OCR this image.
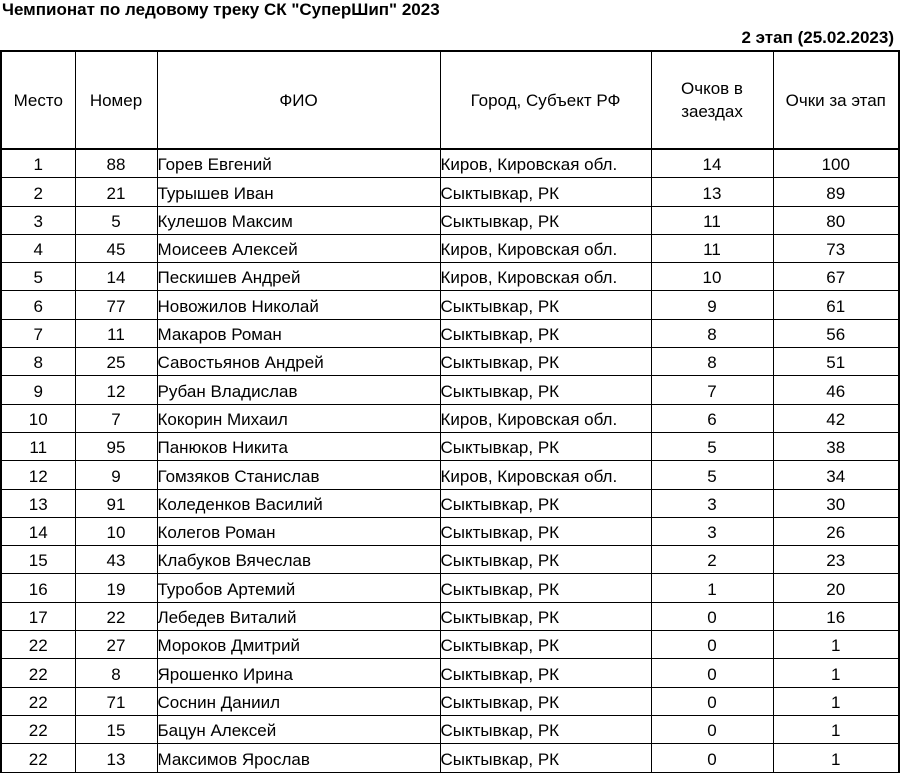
Чемпионат по ледовому треку СК "СуперШип" 2023
2 этап (25.02.2023)
Место	Номер	ФИО	Город, Субъект РФ	Очков в заездах	Очки за этап
1	88	Горев Евгений	Киров, Кировская обл.	14	100
2	21	Турышев Иван	Сыктывкар, РК	13	89
3	5	Кулешов Максим	Сыктывкар, РК	11	80
4	45	Моисеев Алексей	Киров, Кировская обл.	11	73
5	14	Пескишев Андрей	Киров, Кировская обл.	10	67
6	77	Новожилов Николай	Сыктывкар, РК	9	61
7	11	Макаров Роман	Сыктывкар, РК	8	56
8	25	Савостьянов Андрей	Сыктывкар, РК	8	51
9	12	Рубан Владислав	Сыктывкар, РК	7	46
10	7	Кокорин Михаил	Киров, Кировская обл.	6	42
11	95	Панюков Никита	Сыктывкар, РК	5	38
12	9	Гомзяков Станислав	Киров, Кировская обл.	5	34
13	91	Коледенков Василий	Сыктывкар, РК	3	30
14	10	Колегов Роман	Сыктывкар, РК	3	26
15	43	Клабуков Вячеслав	Сыктывкар, РК	2	23
16	19	Туробов Артемий	Сыктывкар, РК	1	20
17	22	Лебедев Виталий	Сыктывкар, РК	0	16
22	27	Мороков Дмитрий	Сыктывкар, РК	0	1
22	8	Ярошенко Ирина	Сыктывкар, РК	0	1
22	71	Соснин Даниил	Сыктывкар, РК	0	1
22	15	Бацун Алексей	Сыктывкар, РК	0	1
22	13	Максимов Ярослав	Сыктывкар, РК	0	1
